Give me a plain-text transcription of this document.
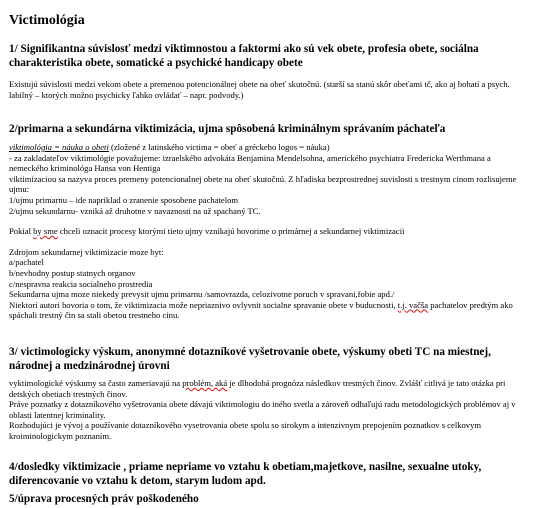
Victimológia

1/ Signifikantna súvislosť medzi viktimnostou a faktormi ako sú vek obete, profesia obete, sociálna charakteristika obete, somatické a psychické handicapy obete

Existujú súvislosti medzi vekom obete a premenou potencionálnej obete na obeť skutočnú. (starší sa stanú skôr obeťami tč, ako aj bohatí a psych. labilný – ktorých možno psychicky ľahko ovládať – napr. podvody.)

2/primarna a sekundárna viktimizácia, ujma spôsobená kriminálnym správaním páchateľa

viktimológia = náuka o obeti (zložené z latinského victima = obeť a gréckeho logos = náuka)

- za zakladateľov viktimológie považujeme: izraelského advokáta Benjamina Mendelsohna, amerického psychiatra Fredericka Werthmana a nemeckého kriminológa Hansa von Hentiga

viktimizaciou sa nazyva proces premeny potencionalnej obete na obeť skutočnú. Z hľadiska bezprostrednej suvislosti s trestnym cinom rozlisujeme ujmu:

1/ujmu primarnu – ide napriklad o zranenie sposobene pachatelom

2/ujmu sekundarnu- vzniká až druhotne v navaznosti na už spachaný TC.

Pokial by sme chceli oznacit procesy ktorými tieto ujmy vznikajú hovorime o primárnej a sekundarnej viktimizacii

Zdrojom sekundarnej viktimizacie moze byt:

a/pachatel

b/nevhodny postup statnych organov

c/nespravna reakcia socialneho prostredia

Sekundarna ujma moze niekedy prevysit ujmu primarnu /samovrazda, celozivotne poruch v spravani,fobie apd./

Niektorí autori hovoria o tom, že viktimizacia može nepriaznivo ovlyvnit socialne spravanie obete v buducnosti, t.j. vačša pachatelov predtým ako spáchali trestný čin sa stali obetou trestneho cinu.

3/ victimologicky výskum, anonymné dotazníkové vyšetrovanie obete, výskumy obeti TC na miestnej, národnej a medzinárodnej úrovni

vyktimologické výskumy sa často zameriavajú na problém, aká je dlhodobá prognóza následkov trestných činov. Zvlášť citlivá je tato otázka pri detských obetiach trestných činov.

Práve poznatky z dotazníkového vyšetrovania obete dávajú viktimologiu do iného svetla a zároveň odhaľujú radu metodologických problémov aj v oblasti latentnej kriminality.

Rozhodujúci je vývoj a používanie dotazníkového vysetrovania obete spolu so sirokym a intenzivnym prepojením poznatkov s celkovym kroiminologickym poznaním.

4/dosledky viktimizacie , priame nepriame vo vztahu k obetiam,majetkove, nasilne, sexualne utoky, diferencovanie vo vztahu k detom, starym ludom apd.

5/úprava procesných práv poškodeného
